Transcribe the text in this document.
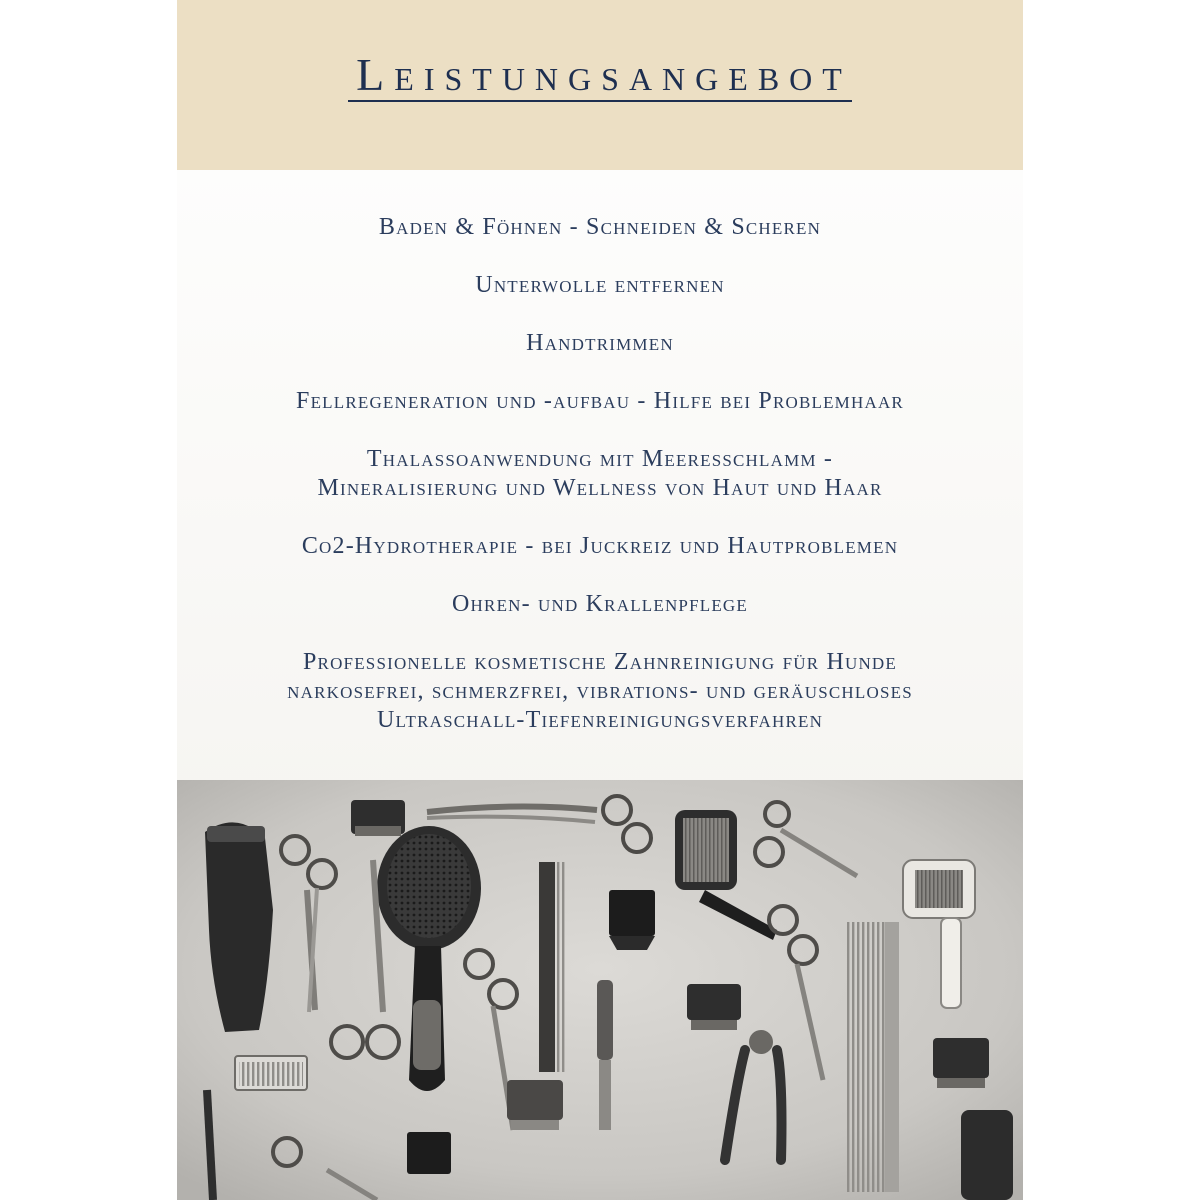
Leistungsangebot
Baden & Föhnen - Schneiden & Scheren
Unterwolle entfernen
Handtrimmen
Fellregeneration und -aufbau - Hilfe bei Problemhaar
Thalassoanwendung mit Meeresschlamm -
Mineralisierung und Wellness von Haut und Haar
Co2-Hydrotherapie - bei Juckreiz und Hautproblemen
Ohren- und Krallenpflege
Professionelle kosmetische Zahnreinigung für Hunde
narkosefrei, schmerzfrei, vibrations- und geräuschloses
Ultraschall-Tiefenreinigungsverfahren
